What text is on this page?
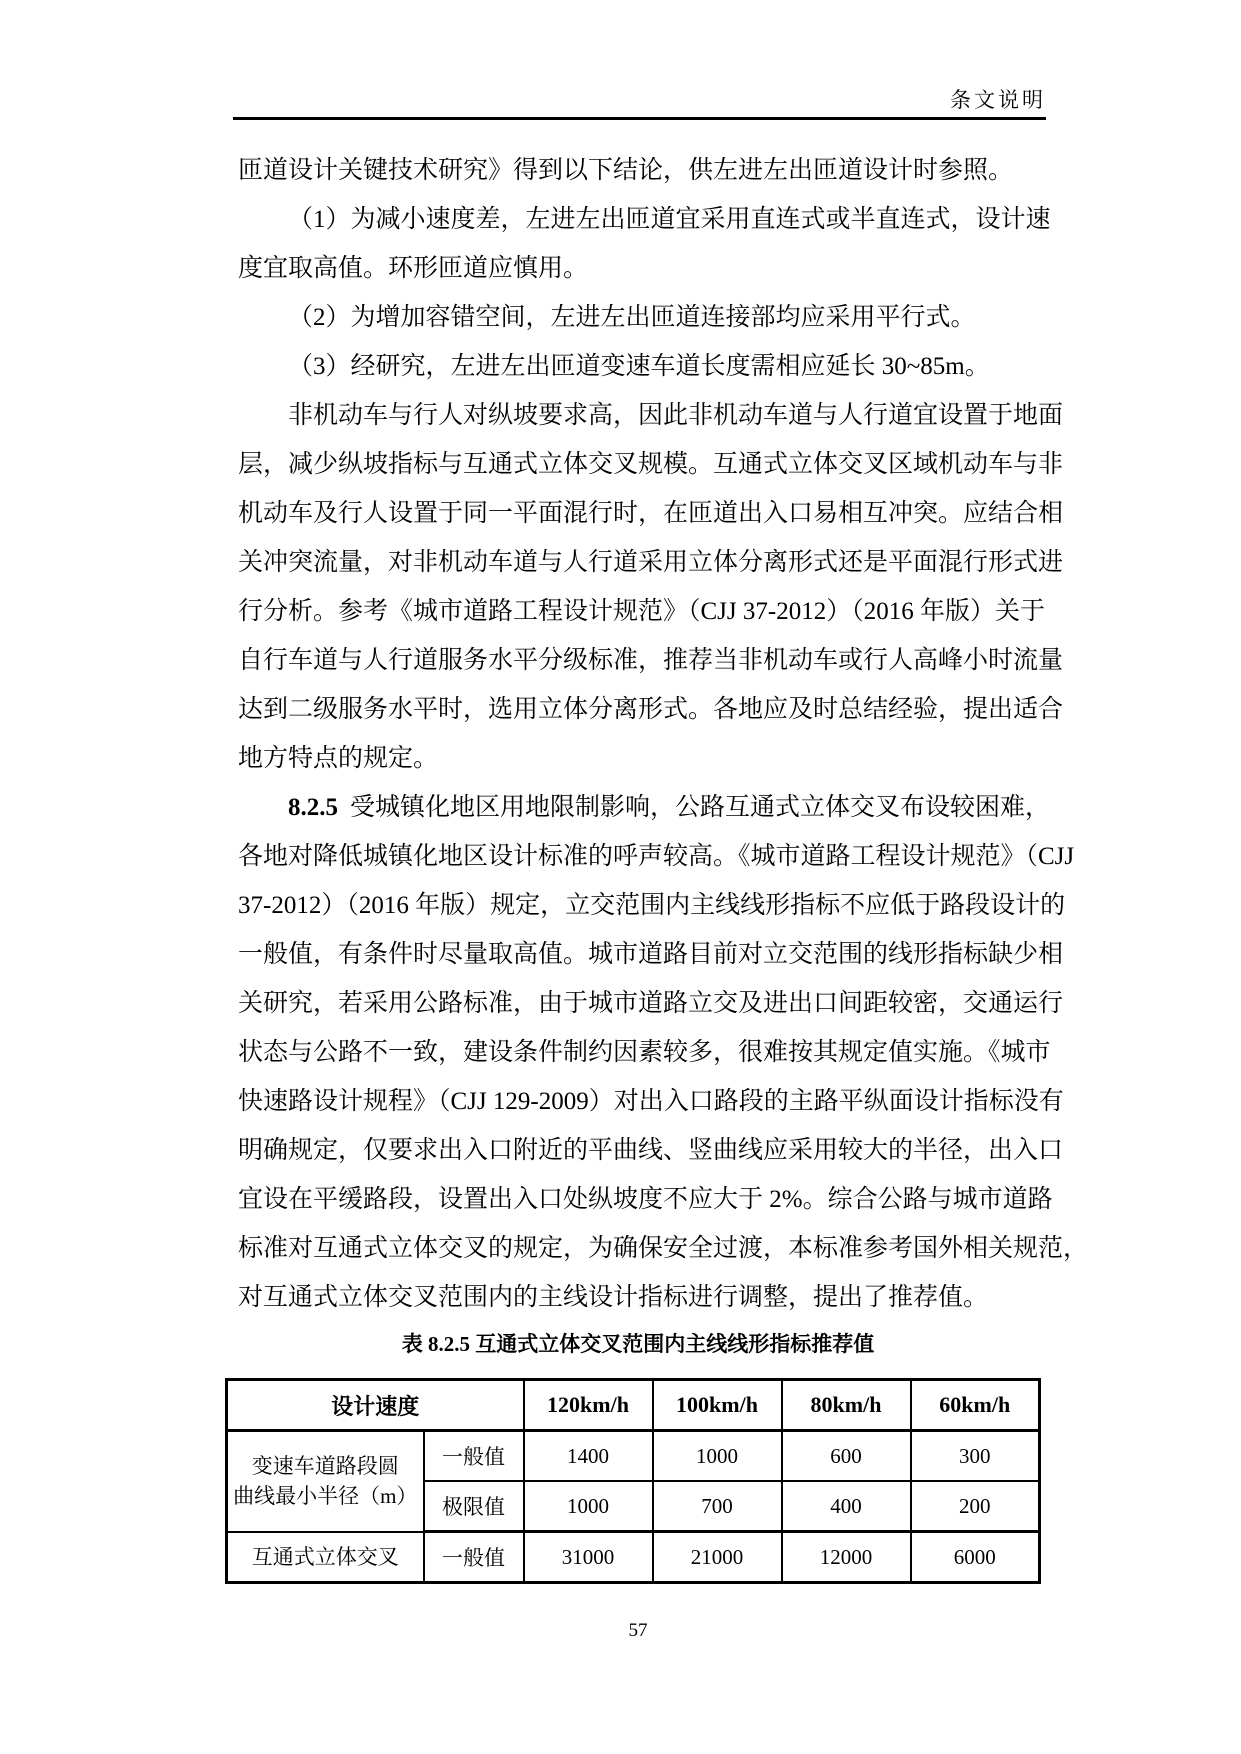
条文说明
匝道设计关键技术研究》得到以下结论，供左进左出匝道设计时参照。
（1）为减小速度差，左进左出匝道宜采用直连式或半直连式，设计速
度宜取高值。环形匝道应慎用。
（2）为增加容错空间，左进左出匝道连接部均应采用平行式。
（3）经研究，左进左出匝道变速车道长度需相应延长 30~85m。
非机动车与行人对纵坡要求高，因此非机动车道与人行道宜设置于地面
层，减少纵坡指标与互通式立体交叉规模。互通式立体交叉区域机动车与非
机动车及行人设置于同一平面混行时，在匝道出入口易相互冲突。应结合相
关冲突流量，对非机动车道与人行道采用立体分离形式还是平面混行形式进
行分析。参考《城市道路工程设计规范》（CJJ 37-2012）（2016 年版）关于
自行车道与人行道服务水平分级标准，推荐当非机动车或行人高峰小时流量
达到二级服务水平时，选用立体分离形式。各地应及时总结经验，提出适合
地方特点的规定。
8.2.5 受城镇化地区用地限制影响，公路互通式立体交叉布设较困难，
各地对降低城镇化地区设计标准的呼声较高。《城市道路工程设计规范》（CJJ
37-2012）（2016 年版）规定，立交范围内主线线形指标不应低于路段设计的
一般值，有条件时尽量取高值。城市道路目前对立交范围的线形指标缺少相
关研究，若采用公路标准，由于城市道路立交及进出口间距较密，交通运行
状态与公路不一致，建设条件制约因素较多，很难按其规定值实施。《城市
快速路设计规程》（CJJ 129-2009）对出入口路段的主路平纵面设计指标没有
明确规定，仅要求出入口附近的平曲线、竖曲线应采用较大的半径，出入口
宜设在平缓路段，设置出入口处纵坡度不应大于 2%。综合公路与城市道路
标准对互通式立体交叉的规定，为确保安全过渡，本标准参考国外相关规范，
对互通式立体交叉范围内的主线设计指标进行调整，提出了推荐值。
表 8.2.5 互通式立体交叉范围内主线线形指标推荐值
设计速度		120km/h	100km/h	80km/h	60km/h

变速车道路段圆
曲线最小半径（m）	一般值	1400	1000	600	300
	极限值	1000	700	400	200
互通式立体交叉	一般值	31000	21000	12000	6000
57
